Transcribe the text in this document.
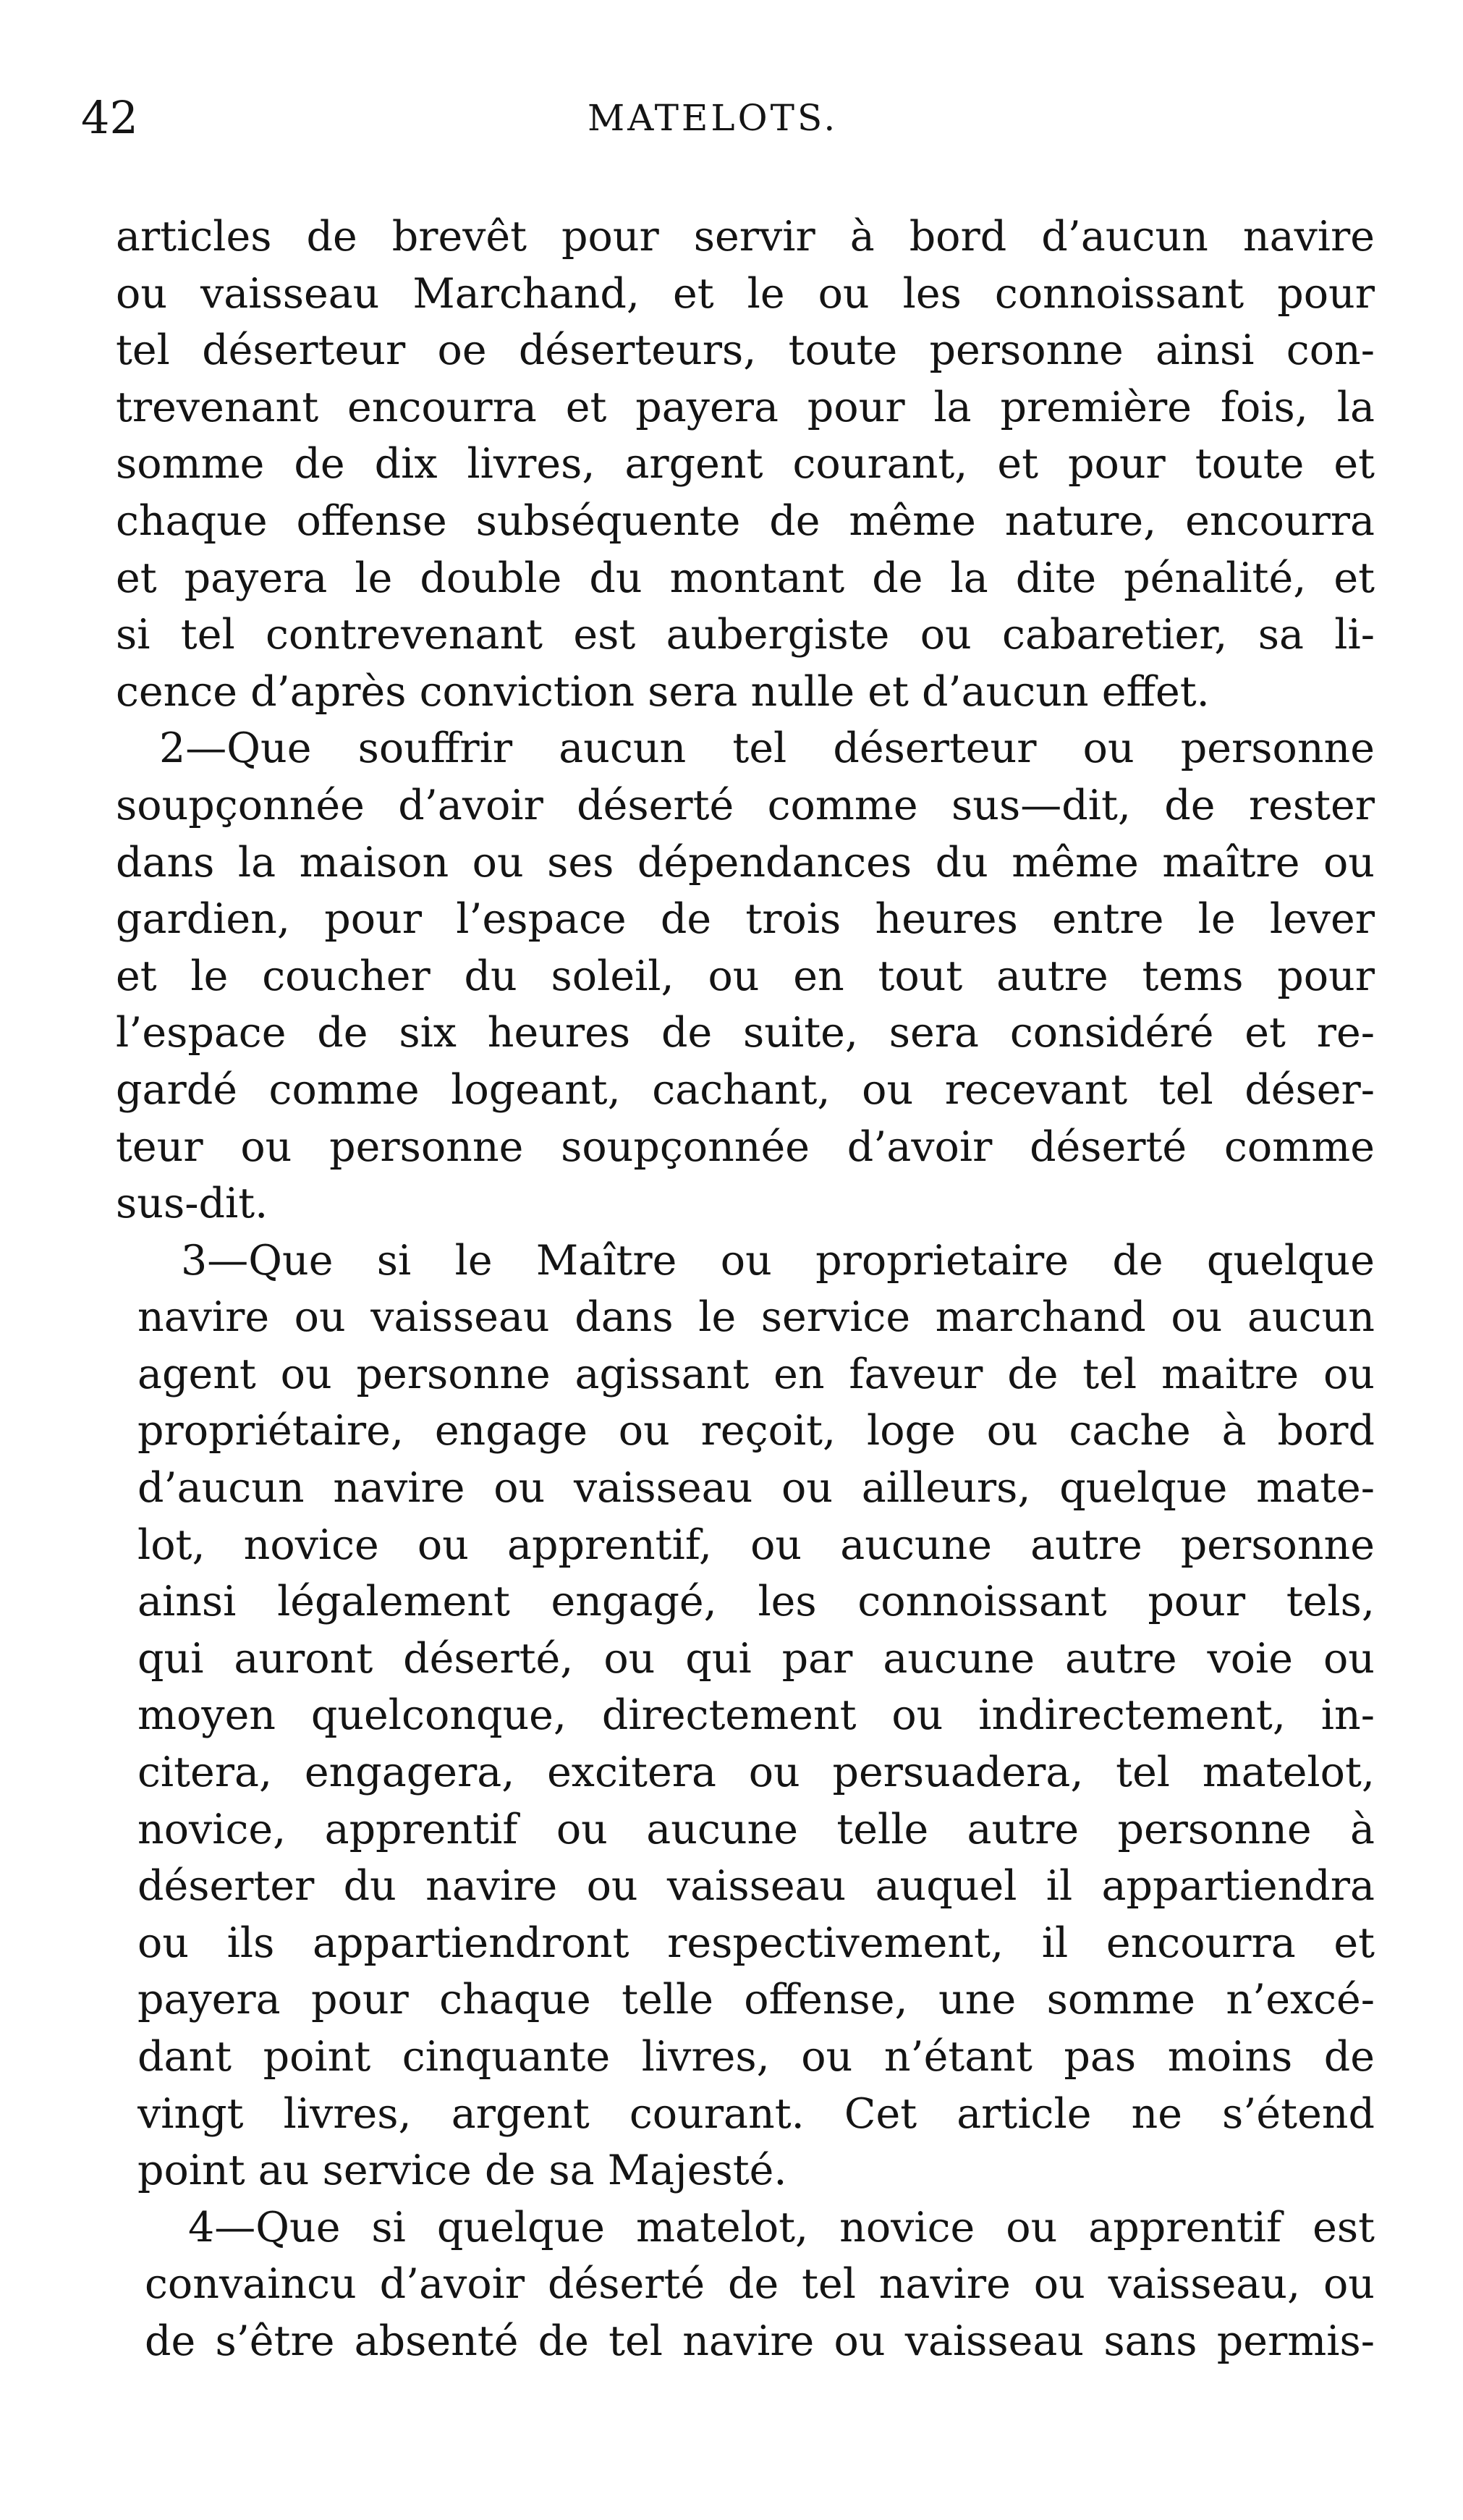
42	MATELOTS.
articles de brevêt pour servir à bord d’aucun navire
ou vaisseau Marchand, et le ou les connoissant pour
tel déserteur oe déserteurs, toute personne ainsi con-
trevenant encourra et payera pour la première fois, la
somme de dix livres, argent courant, et pour toute et
chaque offense subséquente de même nature, encourra
et payera le double du montant de la dite pénalité, et
si tel contrevenant est aubergiste ou cabaretier, sa li-
cence d’après conviction sera nulle et d’aucun effet.
2—Que souffrir aucun tel déserteur ou personne
soupçonnée d’avoir déserté comme sus—dit, de rester
dans la maison ou ses dépendances du même maître ou
gardien, pour l’espace de trois heures entre le lever
et le coucher du soleil, ou en tout autre tems pour
l’espace de six heures de suite, sera considéré et re-
gardé comme logeant, cachant, ou recevant tel déser-
teur ou personne soupçonnée d’avoir déserté comme
sus-dit.
3—Que si le Maître ou proprietaire de quelque
navire ou vaisseau dans le service marchand ou aucun
agent ou personne agissant en faveur de tel maitre ou
propriétaire, engage ou reçoit, loge ou cache à bord
d’aucun navire ou vaisseau ou ailleurs, quelque mate-
lot, novice ou apprentif, ou aucune autre personne
ainsi légalement engagé, les connoissant pour tels,
qui auront déserté, ou qui par aucune autre voie ou
moyen quelconque, directement ou indirectement, in-
citera, engagera, excitera ou persuadera, tel matelot,
novice, apprentif ou aucune telle autre personne à
déserter du navire ou vaisseau auquel il appartiendra
ou ils appartiendront respectivement, il encourra et
payera pour chaque telle offense, une somme n’excé-
dant point cinquante livres, ou n’étant pas moins de
vingt livres, argent courant. Cet article ne s’étend
point au service de sa Majesté.
4—Que si quelque matelot, novice ou apprentif est
convaincu d’avoir déserté de tel navire ou vaisseau, ou
de s’être absenté de tel navire ou vaisseau sans permis-
